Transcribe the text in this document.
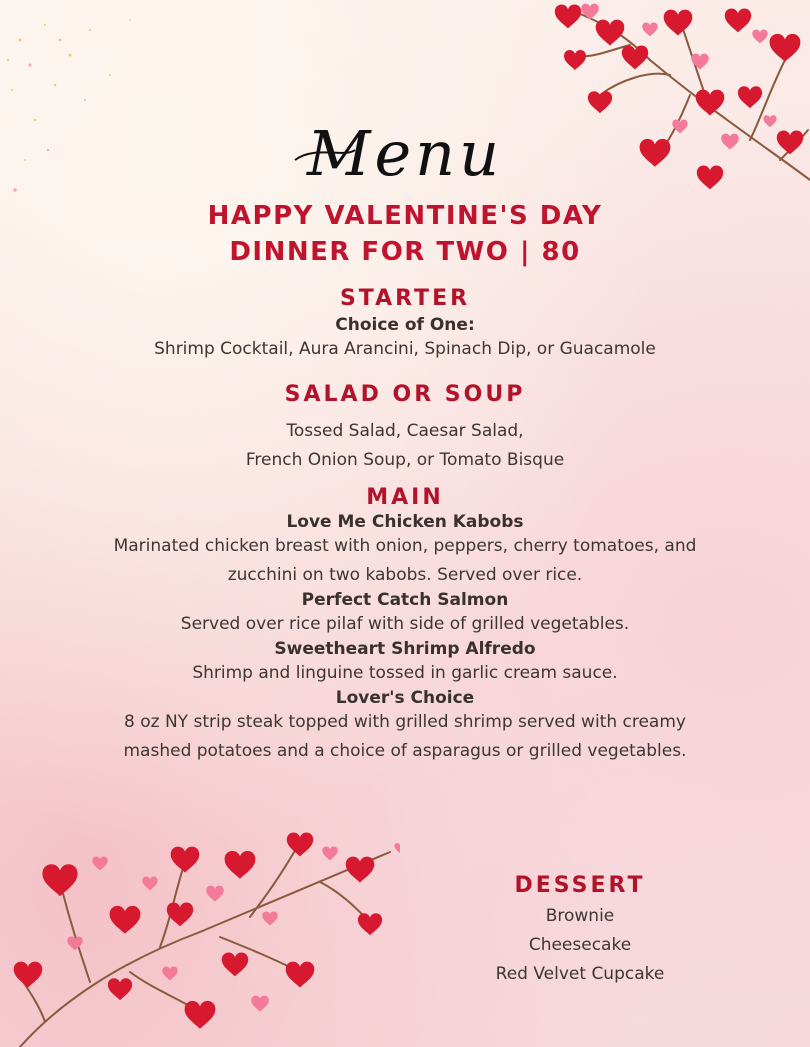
Menu
HAPPY VALENTINE'S DAY
DINNER FOR TWO | 80
STARTER
Choice of One:
Shrimp Cocktail, Aura Arancini, Spinach Dip, or Guacamole
SALAD OR SOUP
Tossed Salad, Caesar Salad,
French Onion Soup, or Tomato Bisque
MAIN
Love Me Chicken Kabobs
Marinated chicken breast with onion, peppers, cherry tomatoes, and
zucchini on two kabobs. Served over rice.
Perfect Catch Salmon
Served over rice pilaf with side of grilled vegetables.
Sweetheart Shrimp Alfredo
Shrimp and linguine tossed in garlic cream sauce.
Lover's Choice
8 oz NY strip steak topped with grilled shrimp served with creamy
mashed potatoes and a choice of asparagus or grilled vegetables.
DESSERT
Brownie
Cheesecake
Red Velvet Cupcake
